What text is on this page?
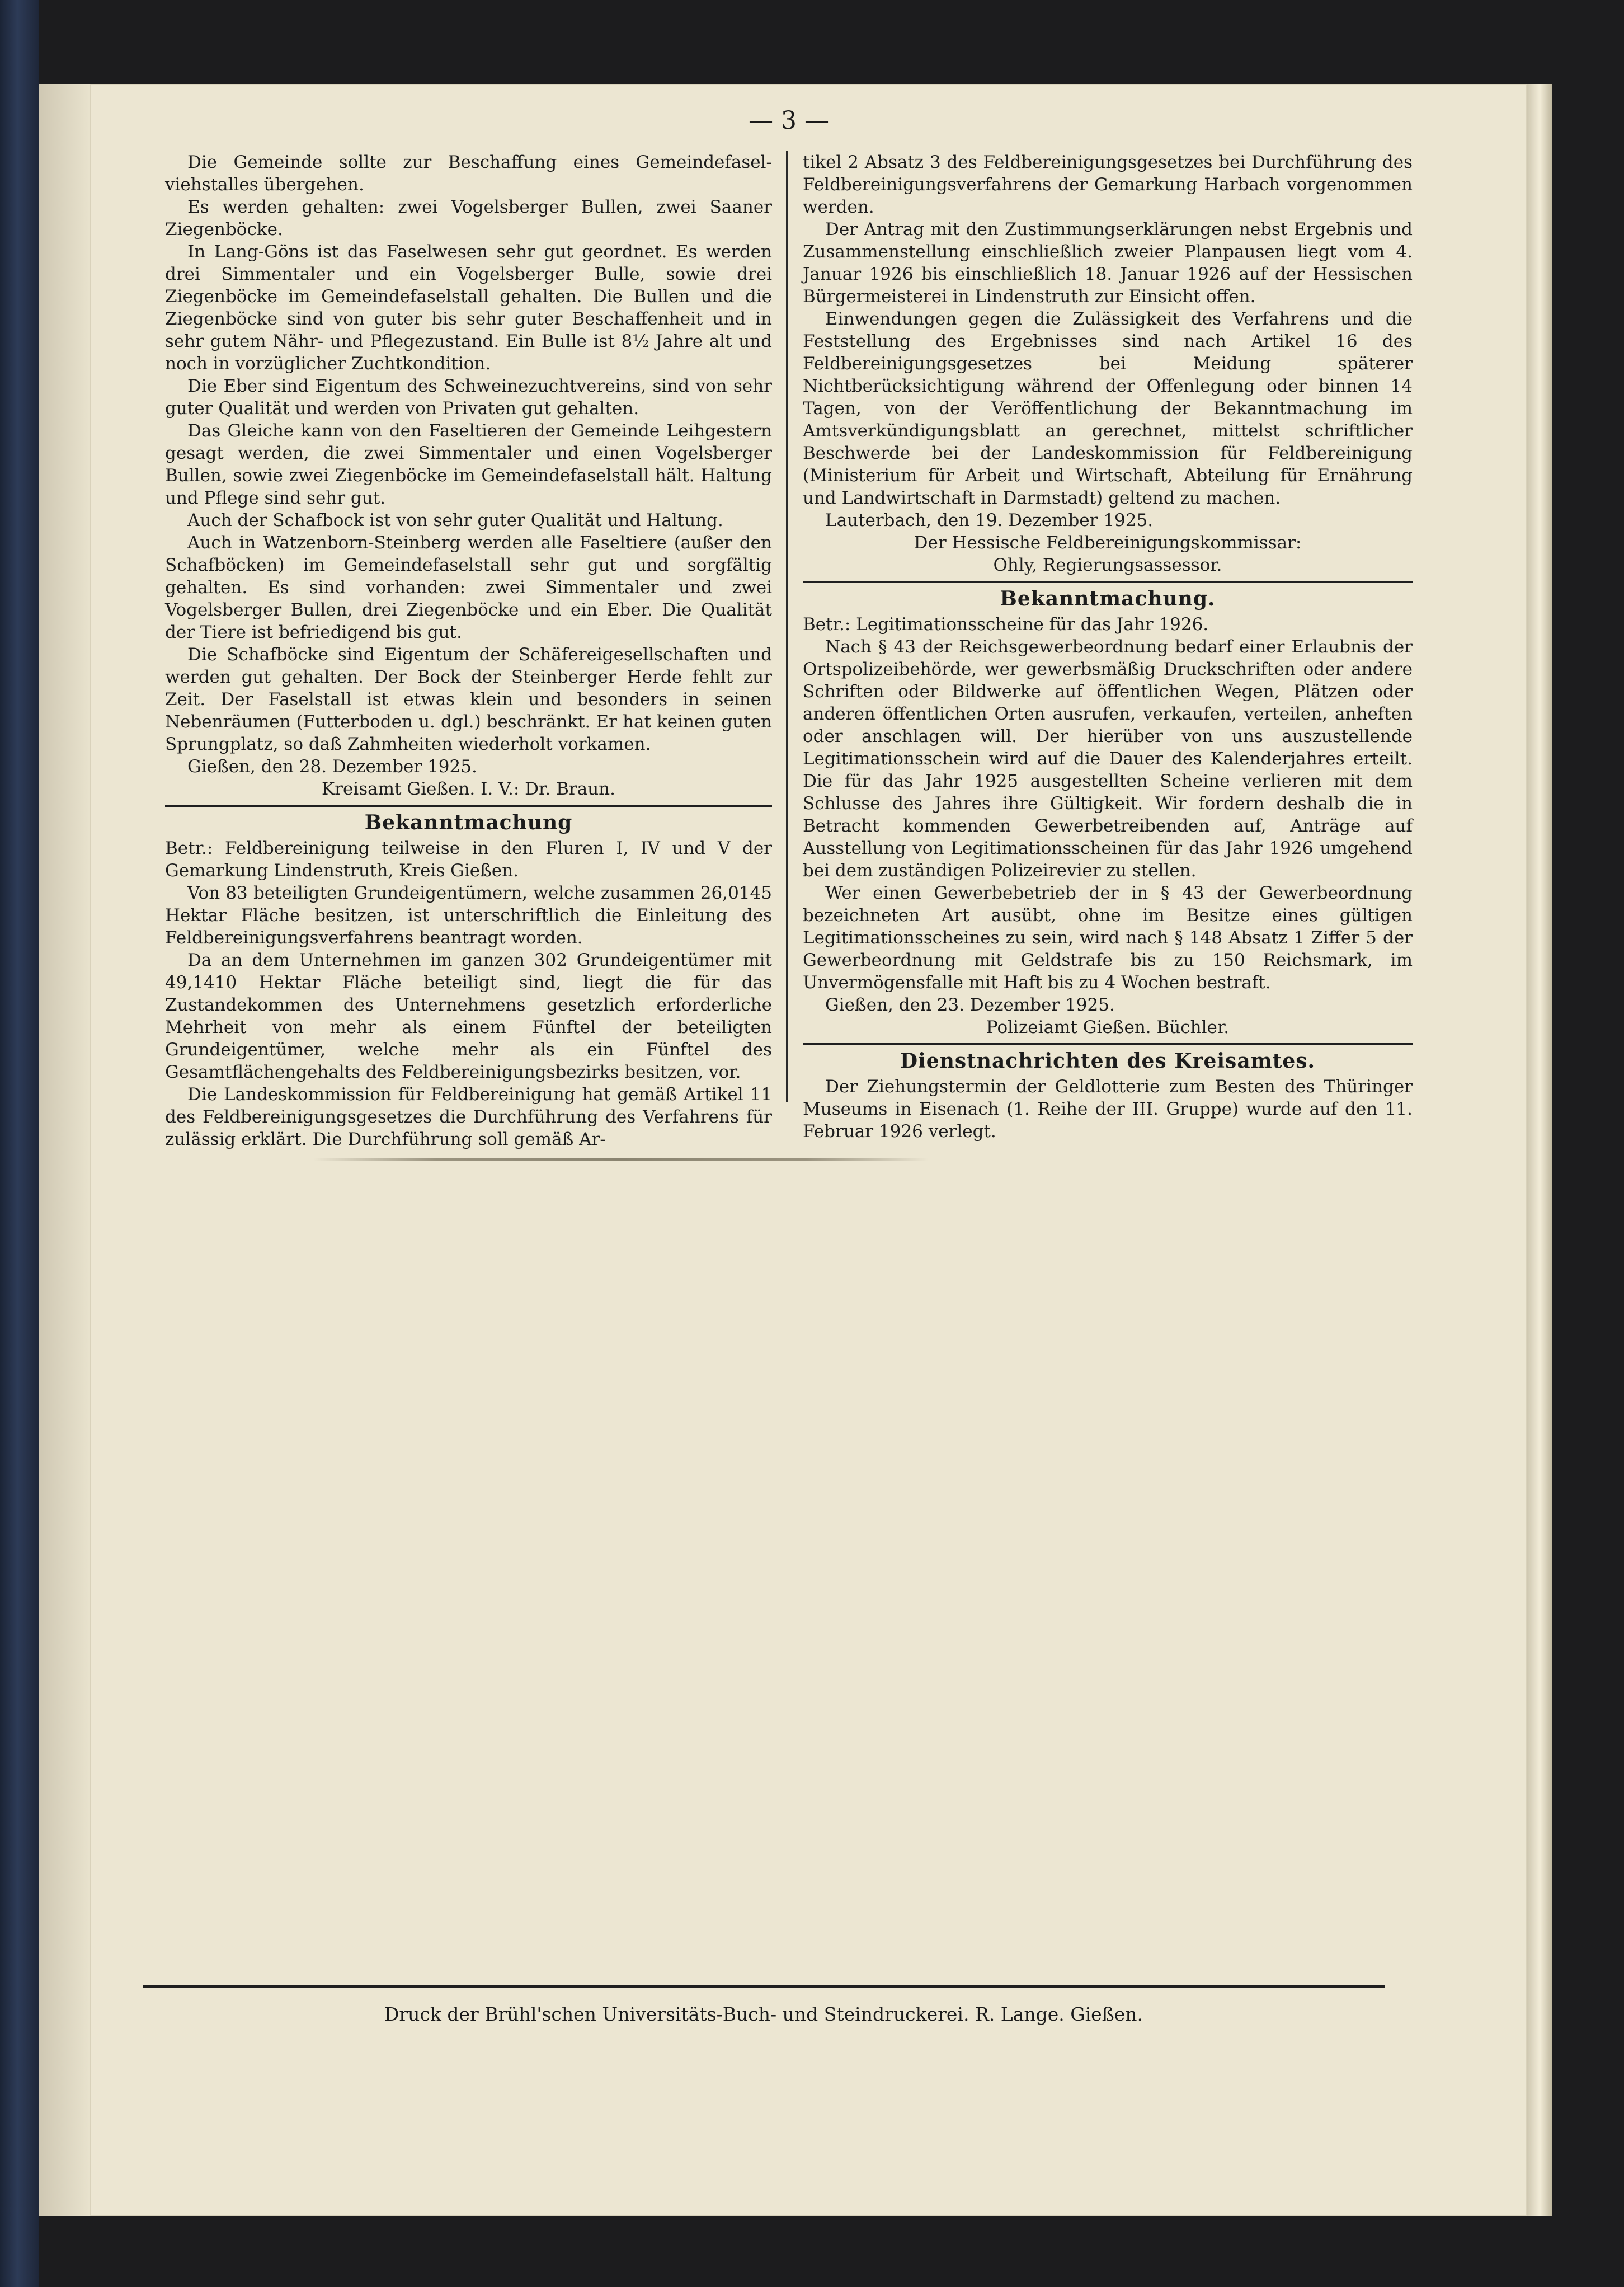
— 3 —

Die Gemeinde sollte zur Beschaffung eines Gemeindefasel-viehstalles übergehen.

Es werden gehalten: zwei Vogelsberger Bullen, zwei Saaner Ziegenböcke.

In Lang-Göns ist das Faselwesen sehr gut geordnet. Es werden drei Simmentaler und ein Vogelsberger Bulle, sowie drei Ziegenböcke im Gemeindefaselstall gehalten. Die Bullen und die Ziegenböcke sind von guter bis sehr guter Beschaffenheit und in sehr gutem Nähr- und Pflegezustand. Ein Bulle ist 8½ Jahre alt und noch in vorzüglicher Zuchtkondition.

Die Eber sind Eigentum des Schweinezuchtvereins, sind von sehr guter Qualität und werden von Privaten gut gehalten.

Das Gleiche kann von den Faseltieren der Gemeinde Leihgestern gesagt werden, die zwei Simmentaler und einen Vogelsberger Bullen, sowie zwei Ziegenböcke im Gemeindefaselstall hält. Haltung und Pflege sind sehr gut.

Auch der Schafbock ist von sehr guter Qualität und Haltung.

Auch in Watzenborn-Steinberg werden alle Faseltiere (außer den Schafböcken) im Gemeindefaselstall sehr gut und sorgfältig gehalten. Es sind vorhanden: zwei Simmentaler und zwei Vogelsberger Bullen, drei Ziegenböcke und ein Eber. Die Qualität der Tiere ist befriedigend bis gut.

Die Schafböcke sind Eigentum der Schäfereigesellschaften und werden gut gehalten. Der Bock der Steinberger Herde fehlt zur Zeit. Der Faselstall ist etwas klein und besonders in seinen Nebenräumen (Futterboden u. dgl.) beschränkt. Er hat keinen guten Sprungplatz, so daß Zahmheiten wiederholt vorkamen.

Gießen, den 28. Dezember 1925.

Kreisamt Gießen. I. V.: Dr. Braun.

Bekanntmachung

Betr.: Feldbereinigung teilweise in den Fluren I, IV und V der Gemarkung Lindenstruth, Kreis Gießen.

Von 83 beteiligten Grundeigentümern, welche zusammen 26,0145 Hektar Fläche besitzen, ist unterschriftlich die Einleitung des Feldbereinigungsverfahrens beantragt worden.

Da an dem Unternehmen im ganzen 302 Grundeigentümer mit 49,1410 Hektar Fläche beteiligt sind, liegt die für das Zustandekommen des Unternehmens gesetzlich erforderliche Mehrheit von mehr als einem Fünftel der beteiligten Grundeigentümer, welche mehr als ein Fünftel des Gesamtflächengehalts des Feldbereinigungsbezirks besitzen, vor.

Die Landeskommission für Feldbereinigung hat gemäß Artikel 11 des Feldbereinigungsgesetzes die Durchführung des Verfahrens für zulässig erklärt. Die Durchführung soll gemäß Ar-

tikel 2 Absatz 3 des Feldbereinigungsgesetzes bei Durchführung des Feldbereinigungsverfahrens der Gemarkung Harbach vorgenommen werden.

Der Antrag mit den Zustimmungserklärungen nebst Ergebnis und Zusammenstellung einschließlich zweier Planpausen liegt vom 4. Januar 1926 bis einschließlich 18. Januar 1926 auf der Hessischen Bürgermeisterei in Lindenstruth zur Einsicht offen.

Einwendungen gegen die Zulässigkeit des Verfahrens und die Feststellung des Ergebnisses sind nach Artikel 16 des Feldbereinigungsgesetzes bei Meidung späterer Nichtberücksichtigung während der Offenlegung oder binnen 14 Tagen, von der Veröffentlichung der Bekanntmachung im Amtsverkündigungsblatt an gerechnet, mittelst schriftlicher Beschwerde bei der Landeskommission für Feldbereinigung (Ministerium für Arbeit und Wirtschaft, Abteilung für Ernährung und Landwirtschaft in Darmstadt) geltend zu machen.

Lauterbach, den 19. Dezember 1925.

Der Hessische Feldbereinigungskommissar:

Ohly, Regierungsassessor.

Bekanntmachung.

Betr.: Legitimationsscheine für das Jahr 1926.

Nach § 43 der Reichsgewerbeordnung bedarf einer Erlaubnis der Ortspolizeibehörde, wer gewerbsmäßig Druckschriften oder andere Schriften oder Bildwerke auf öffentlichen Wegen, Plätzen oder anderen öffentlichen Orten ausrufen, verkaufen, verteilen, anheften oder anschlagen will. Der hierüber von uns auszustellende Legitimationsschein wird auf die Dauer des Kalenderjahres erteilt. Die für das Jahr 1925 ausgestellten Scheine verlieren mit dem Schlusse des Jahres ihre Gültigkeit. Wir fordern deshalb die in Betracht kommenden Gewerbetreibenden auf, Anträge auf Ausstellung von Legitimationsscheinen für das Jahr 1926 umgehend bei dem zuständigen Polizeirevier zu stellen.

Wer einen Gewerbebetrieb der in § 43 der Gewerbeordnung bezeichneten Art ausübt, ohne im Besitze eines gültigen Legitimationsscheines zu sein, wird nach § 148 Absatz 1 Ziffer 5 der Gewerbeordnung mit Geldstrafe bis zu 150 Reichsmark, im Unvermögensfalle mit Haft bis zu 4 Wochen bestraft.

Gießen, den 23. Dezember 1925.

Polizeiamt Gießen. Büchler.

Dienstnachrichten des Kreisamtes.

Der Ziehungstermin der Geldlotterie zum Besten des Thüringer Museums in Eisenach (1. Reihe der III. Gruppe) wurde auf den 11. Februar 1926 verlegt.

Druck der Brühl'schen Universitäts-Buch- und Steindruckerei. R. Lange. Gießen.
